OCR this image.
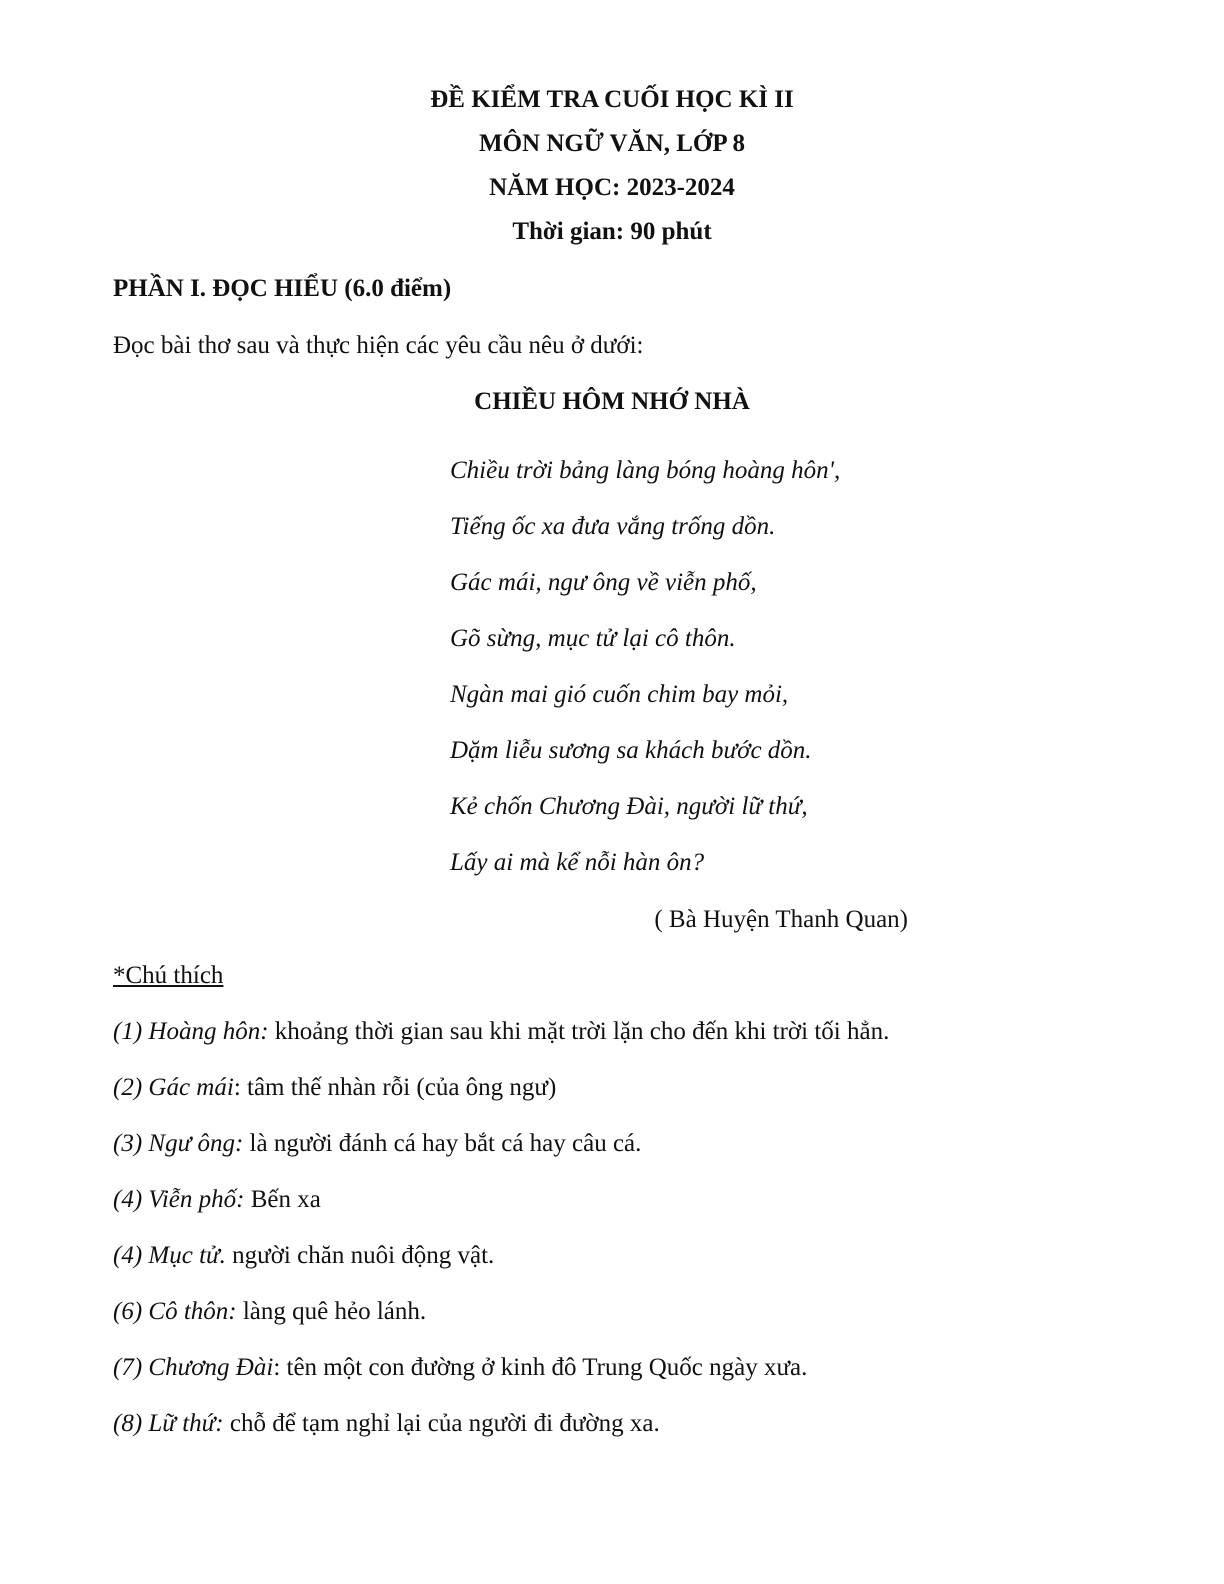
ĐỀ KIỂM TRA CUỐI HỌC KÌ II
MÔN NGỮ VĂN, LỚP 8
NĂM HỌC: 2023-2024
Thời gian: 90 phút
PHẦN I. ĐỌC HIỂU (6.0 điểm)
Đọc bài thơ sau và thực hiện các yêu cầu nêu ở dưới:
CHIỀU HÔM NHỚ NHÀ
Chiều trời bảng làng bóng hoàng hôn',
Tiếng ốc xa đưa vắng trống dồn.
Gác mái, ngư ông về viễn phố,
Gõ sừng, mục tử lại cô thôn.
Ngàn mai gió cuốn chim bay mỏi,
Dặm liễu sương sa khách bước dồn.
Kẻ chốn Chương Đài, người lữ thứ,
Lấy ai mà kể nỗi hàn ôn?
( Bà Huyện Thanh Quan)
*Chú thích
(1) Hoàng hôn: khoảng thời gian sau khi mặt trời lặn cho đến khi trời tối hẳn.
(2) Gác mái: tâm thế nhàn rỗi (của ông ngư)
(3) Ngư ông: là người đánh cá hay bắt cá hay câu cá.
(4) Viễn phố: Bến xa
(4) Mục tử. người chăn nuôi động vật.
(6) Cô thôn: làng quê hẻo lánh.
(7) Chương Đài: tên một con đường ở kinh đô Trung Quốc ngày xưa.
(8) Lữ thứ: chỗ để tạm nghỉ lại của người đi đường xa.
